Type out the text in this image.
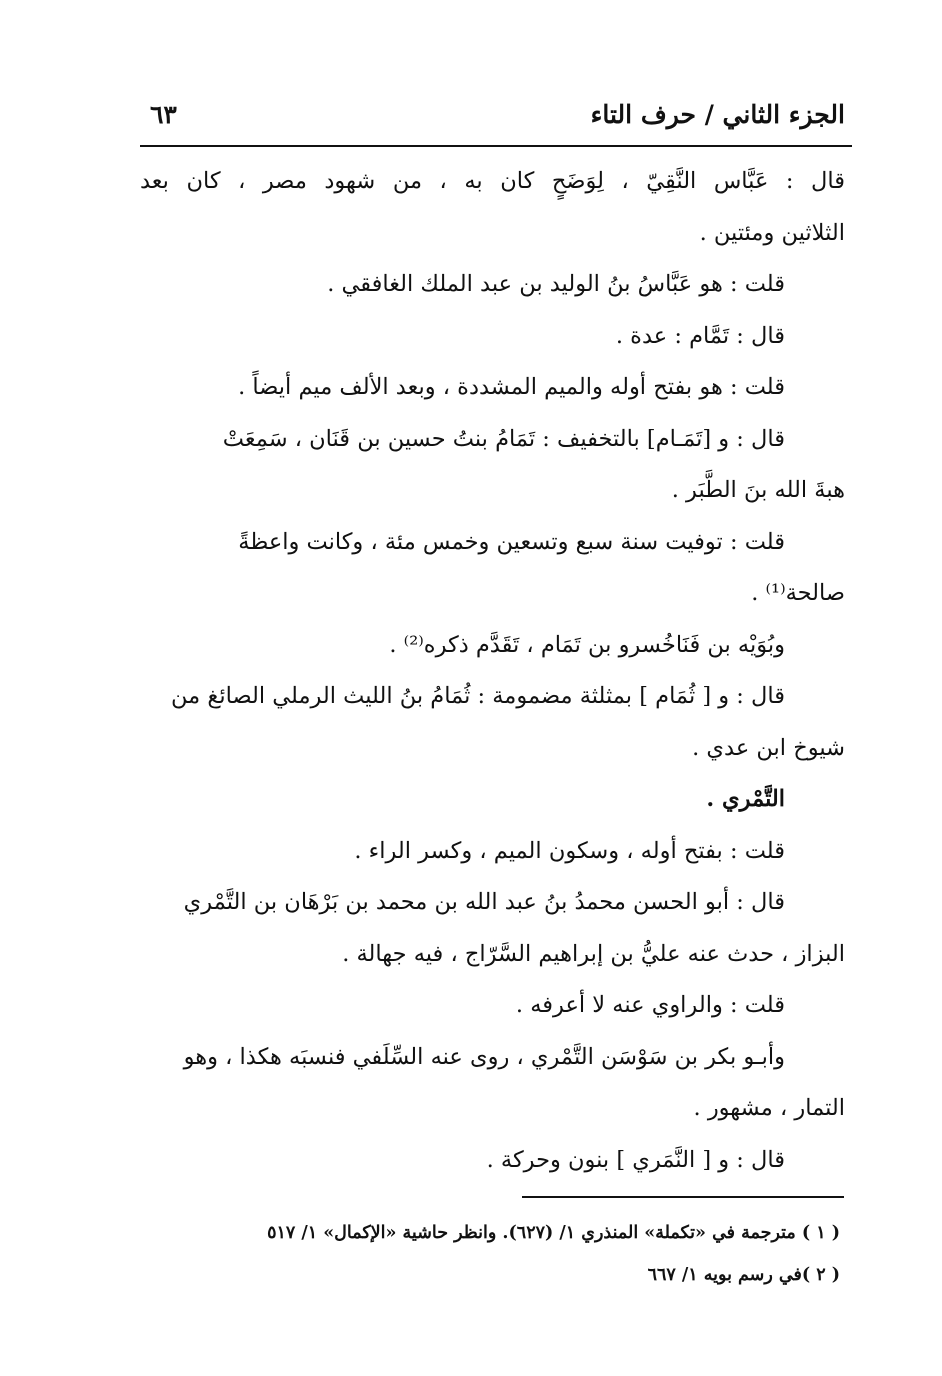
الجزء الثاني / حرف التاء
٦٣
قال : عَبَّاس النَّقِيّ ، لِوَضَحٍ كان به ، من شهود مصر ، كان بعد
الثلاثين ومئتين .
قلت : هو عَبَّاسُ بنُ الوليد بن عبد الملك الغافقي .
قال : تَمَّام : عدة .
قلت : هو بفتح أوله والميم المشددة ، وبعد الألف ميم أيضاً .
قال : و [تَمَـام] بالتخفيف : تَمَامُ بنتُ حسين بن قَنَان ، سَمِعَتْ
هبةَ الله بنَ الطَّبَر .
قلت : توفيت سنة سبع وتسعين وخمس مئة ، وكانت واعظةً
صالحة⁽¹⁾ .
وبُوَيْه بن فَنَاخُسرو بن تَمَام ، تَقَدَّم ذكره⁽²⁾ .
قال : و [ ثُمَام ] بمثلثة مضمومة : ثُمَامُ بنُ الليث الرملي الصائغ من
شيوخ ابن عدي .
التَّمْري .
قلت : بفتح أوله ، وسكون الميم ، وكسر الراء .
قال : أبو الحسن محمدُ بنُ عبد الله بن محمد بن بَرْهَان بن التَّمْري
البزاز ، حدث عنه عليُّ بن إبراهيم السَّرّاج ، فيه جهالة .
قلت : والراوي عنه لا أعرفه .
وأبـو بكر بن سَوْسَن التَّمْري ، روى عنه السِّلَفي فنسبَه هكذا ، وهو
التمار ، مشهور .
قال : و [ النَّمَري ] بنون وحركة .
( ١ ) مترجمة في «تكملة» المنذري ١/ (٦٢٧). وانظر حاشية «الإكمال» ١/ ٥١٧
( ٢ )في رسم بويه ١/ ٦٦٧
